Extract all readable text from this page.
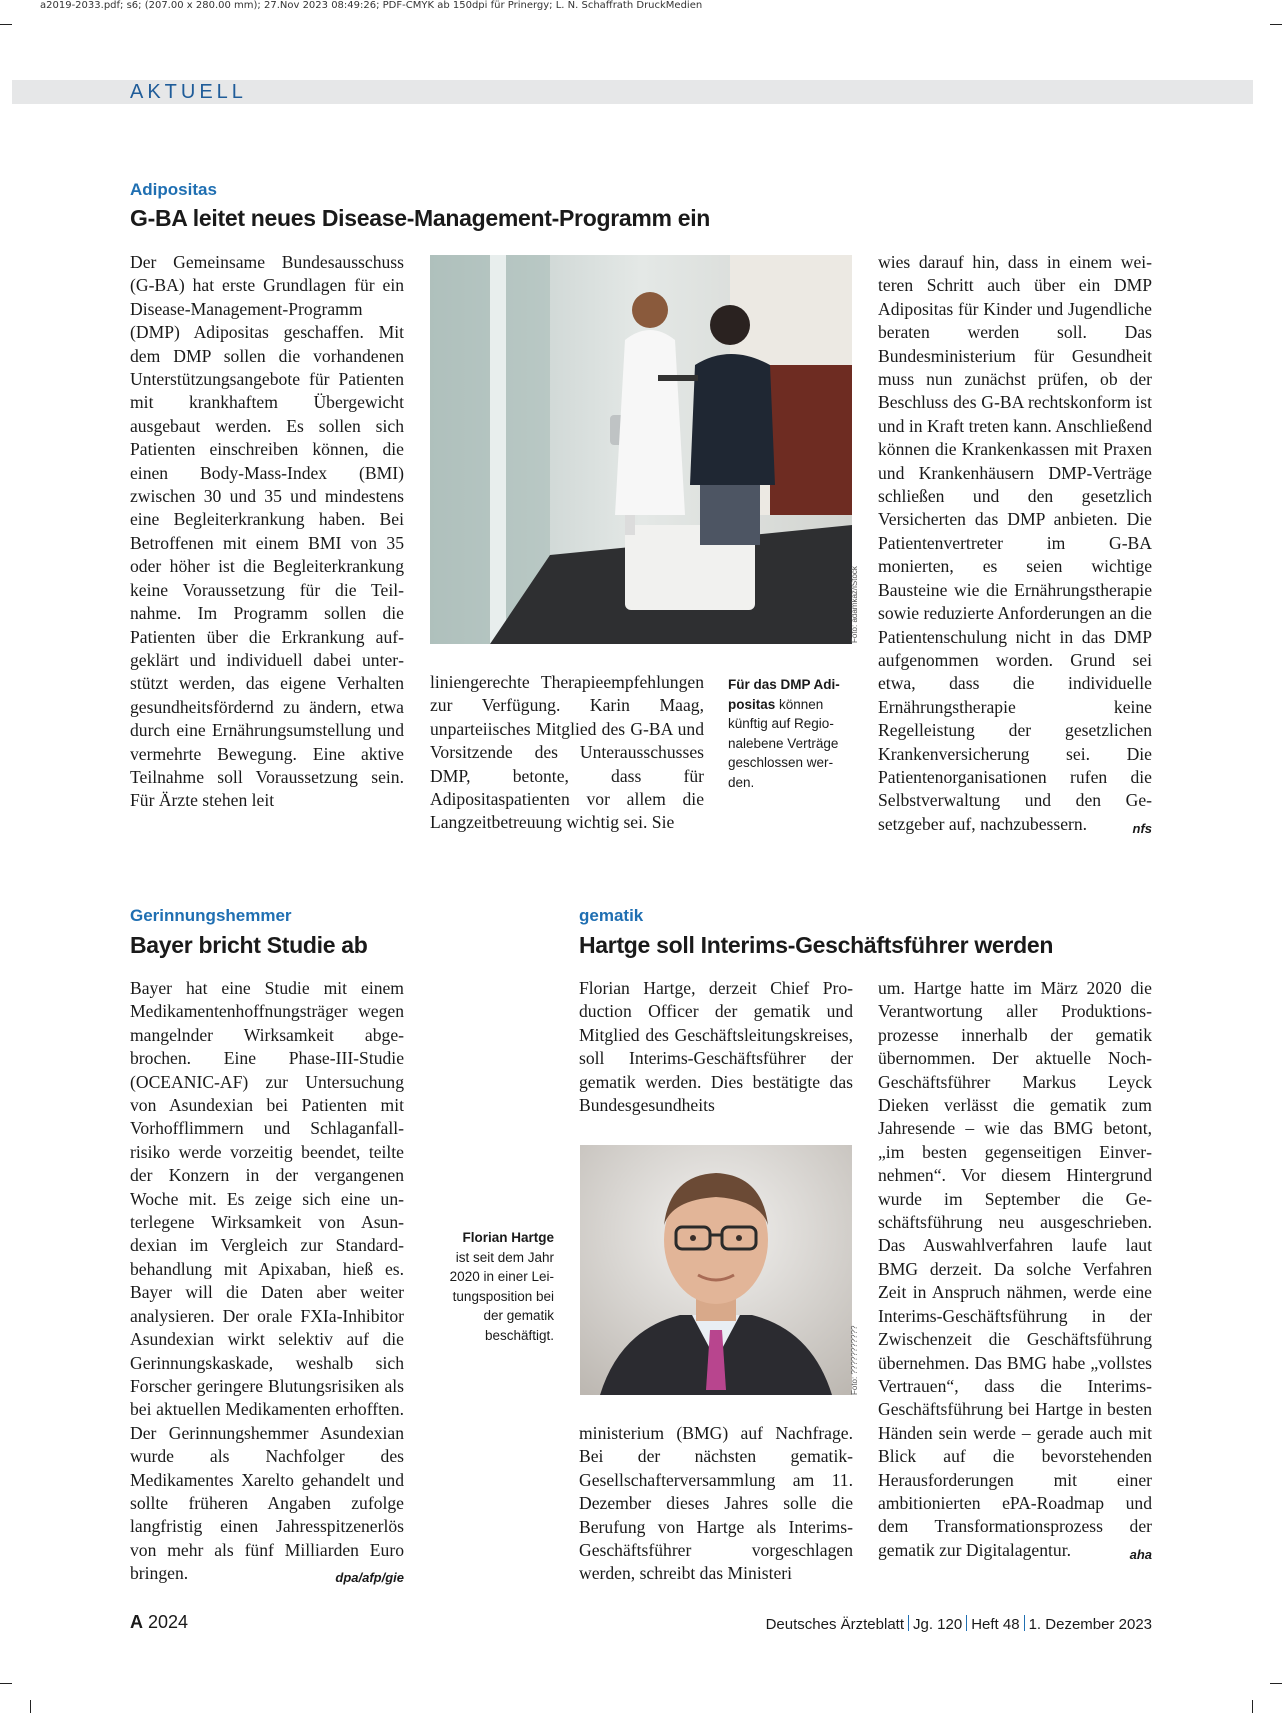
a2019-2033.pdf; s6; (207.00 x 280.00 mm); 27.Nov 2023 08:49:26; PDF-CMYK ab 150dpi für Prinergy; L. N. Schaffrath DruckMedien
AKTUELL
Adipositas
G-BA leitet neues Disease-Management-Programm ein

Der Gemeinsame Bundesausschuss (G-BA) hat erste Grundlagen für ein Disease-Management-Programm (DMP) Adipositas geschaffen. Mit dem DMP sollen die vorhandenen Unterstützungsangebote für Patienten mit krankhaftem Übergewicht ausgebaut werden. Es sollen sich Patienten einschreiben können, die einen Body-Mass-Index (BMI) zwischen 30 und 35 und mindestens eine Begleiterkrankung haben. Bei Betroffenen mit einem BMI von 35 oder höher ist die Begleiterkrankung keine Voraussetzung für die Teilnahme. Im Programm sollen die Patienten über die Erkrankung aufgeklärt und individuell dabei unterstützt werden, das eigene Verhalten gesundheitsfördernd zu ändern, etwa durch eine Ernährungsumstellung und vermehrte Bewegung. Eine aktive Teilnahme soll Voraussetzung sein. Für Ärzte stehen leit

Foto: adamkaz/iStock

liniengerechte Therapieempfehlungen zur Verfügung. Karin Maag, unparteiisches Mitglied des G-BA und Vorsitzende des Unterausschusses DMP, betonte, dass für Adipositaspatienten vor allem die Langzeitbetreuung wichtig sei. Sie

Für das DMP Adipositas können künftig auf Regionalebene Verträge geschlossen werden.

wies darauf hin, dass in einem weiteren Schritt auch über ein DMP Adipositas für Kinder und Jugendliche beraten werden soll. Das Bundesministerium für Gesundheit muss nun zunächst prüfen, ob der Beschluss des G-BA rechtskonform ist und in Kraft treten kann. Anschließend können die Krankenkassen mit Praxen und Krankenhäusern DMP-Verträge schließen und den gesetzlich Versicherten das DMP anbieten. Die Patientenvertreter im G-BA monierten, es seien wichtige Bausteine wie die Ernährungstherapie sowie reduzierte Anforderungen an die Patientenschulung nicht in das DMP aufgenommen worden. Grund sei etwa, dass die individuelle Ernährungstherapie keine Regelleistung der gesetzlichen Krankenversicherung sei. Die Patientenorganisationen rufen die Selbstverwaltung und den Gesetzgeber auf, nachzubessern.	nfs

Gerinnungshemmer
Bayer bricht Studie ab

Bayer hat eine Studie mit einem Medikamentenhoffnungsträger wegen mangelnder Wirksamkeit abgebrochen. Eine Phase-III-Studie (OCEANIC-AF) zur Untersuchung von Asundexian bei Patienten mit Vorhofflimmern und Schlaganfallrisiko werde vorzeitig beendet, teilte der Konzern in der vergangenen Woche mit. Es zeige sich eine unterlegene Wirksamkeit von Asundexian im Vergleich zur Standardbehandlung mit Apixaban, hieß es. Bayer will die Daten aber weiter analysieren. Der orale FXIa-Inhibitor Asundexian wirkt selektiv auf die Gerinnungskaskade, weshalb sich Forscher geringere Blutungsrisiken als bei aktuellen Medikamenten erhofften. Der Gerinnungshemmer Asundexian wurde als Nachfolger des Medikamentes Xarelto gehandelt und sollte früheren Angaben zufolge langfristig einen Jahresspitzenerlös von mehr als fünf Milliarden Euro bringen.	dpa/afp/gie

gematik
Hartge soll Interims-Geschäftsführer werden

Florian Hartge, derzeit Chief Production Officer der gematik und Mitglied des Geschäftsleitungskreises, soll Interims-Geschäftsführer der gematik werden. Dies bestätigte das Bundesgesundheits

Florian Hartge
ist seit dem Jahr 2020 in einer Leitungsposition bei der gematik beschäftigt.	Foto: ???????????

ministerium (BMG) auf Nachfrage. Bei der nächsten gematik-Gesellschafterversammlung am 11. Dezember dieses Jahres solle die Berufung von Hartge als Interims-Geschäftsführer vorgeschlagen werden, schreibt das Ministeri

um. Hartge hatte im März 2020 die Verantwortung aller Produktionsprozesse innerhalb der gematik übernommen. Der aktuelle Noch-Geschäftsführer Markus Leyck Dieken verlässt die gematik zum Jahresende – wie das BMG betont, „im besten gegenseitigen Einvernehmen“. Vor diesem Hintergrund wurde im September die Geschäftsführung neu ausgeschrieben. Das Auswahlverfahren laufe laut BMG derzeit. Da solche Verfahren Zeit in Anspruch nähmen, werde eine Interims-Geschäftsführung in der Zwischenzeit die Geschäftsführung übernehmen. Das BMG habe „vollstes Vertrauen“, dass die Interims-Geschäftsführung bei Hartge in besten Händen sein werde – gerade auch mit Blick auf die bevorstehenden Herausforderungen mit einer ambitionierten ePA-Roadmap und dem Transformationsprozess der gematik zur Digitalagentur.	aha

A 2024	Deutsches Ärzteblatt Jg. 120 Heft 48 1. Dezember 2023
